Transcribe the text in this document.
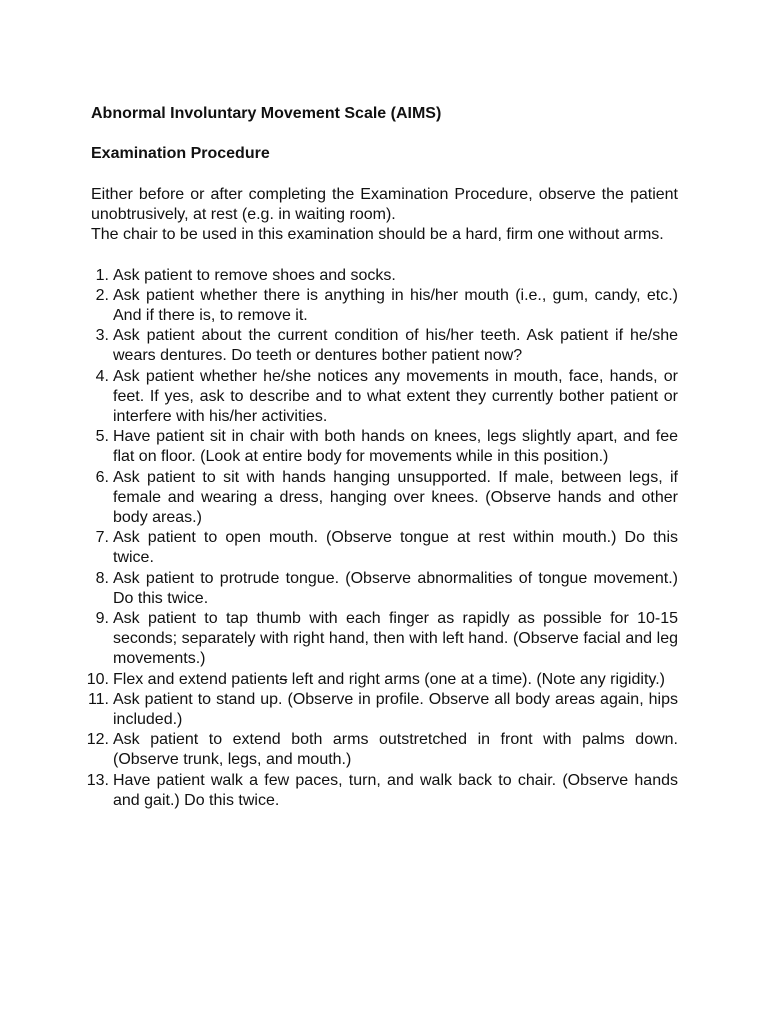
Abnormal Involuntary Movement Scale (AIMS)
Examination Procedure

Either before or after completing the Examination Procedure, observe the patient unobtrusively, at rest (e.g. in waiting room).

The chair to be used in this examination should be a hard, firm one without arms.

1. Ask patient to remove shoes and socks.
2. Ask patient whether there is anything in his/her mouth (i.e., gum, candy, etc.) And if there is, to remove it.
3. Ask patient about the current condition of his/her teeth. Ask patient if he/she wears dentures. Do teeth or dentures bother patient now?
4. Ask patient whether he/she notices any movements in mouth, face, hands, or feet. If yes, ask to describe and to what extent they currently bother patient or interfere with his/her activities.
5. Have patient sit in chair with both hands on knees, legs slightly apart, and fee flat on floor. (Look at entire body for movements while in this position.)
6. Ask patient to sit with hands hanging unsupported. If male, between legs, if female and wearing a dress, hanging over knees. (Observe hands and other body areas.)
7. Ask patient to open mouth. (Observe tongue at rest within mouth.) Do this twice.
8. Ask patient to protrude tongue. (Observe abnormalities of tongue movement.) Do this twice.
9. Ask patient to tap thumb with each finger as rapidly as possible for 10-15 seconds; separately with right hand, then with left hand. (Observe facial and leg movements.)
10. Flex and extend patients left and right arms (one at a time). (Note any rigidity.)
11. Ask patient to stand up. (Observe in profile. Observe all body areas again, hips included.)
12. Ask patient to extend both arms outstretched in front with palms down. (Observe trunk, legs, and mouth.)
13. Have patient walk a few paces, turn, and walk back to chair. (Observe hands and gait.) Do this twice.
